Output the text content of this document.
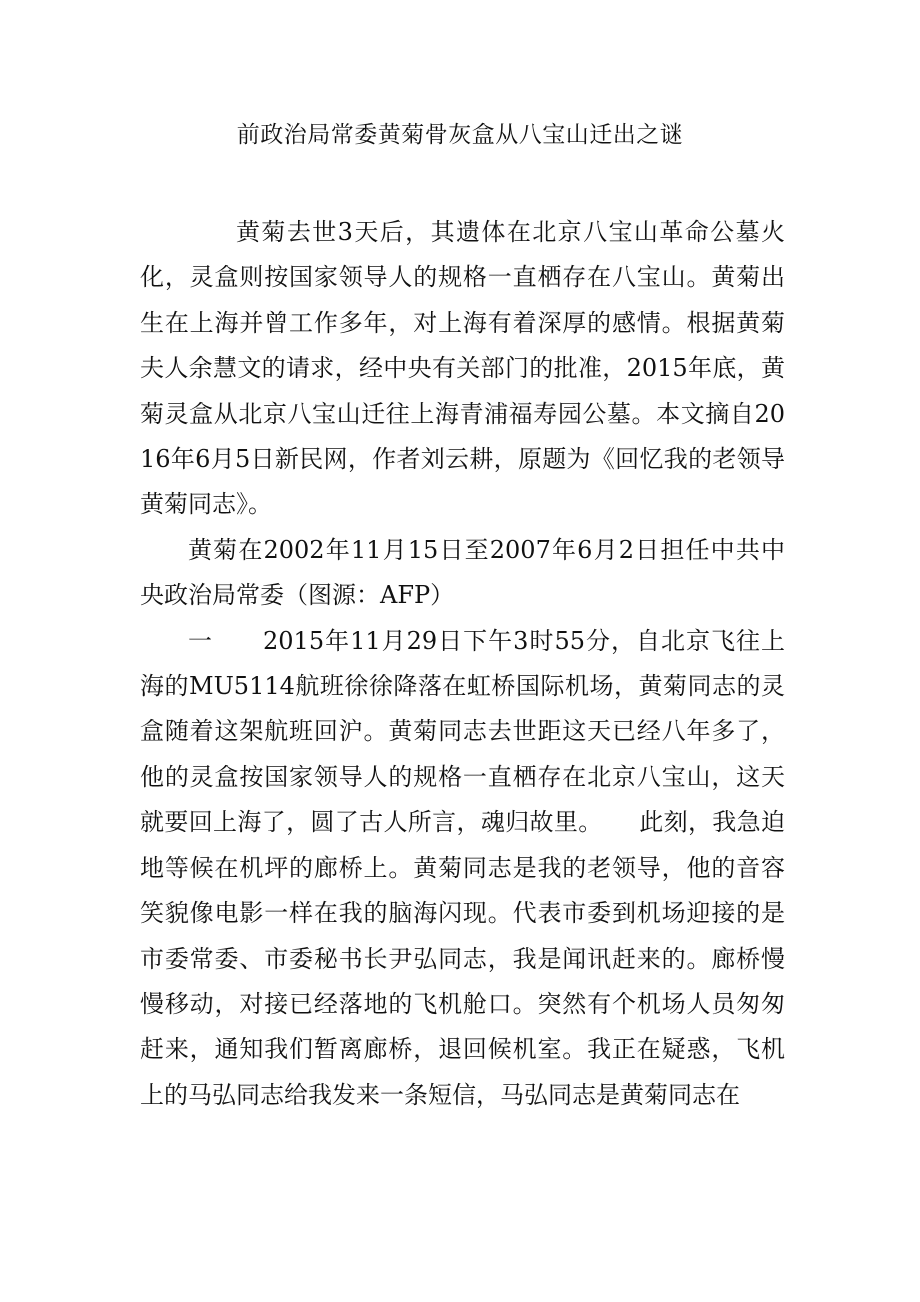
前政治局常委黄菊骨灰盒从八宝山迁出之谜

黄菊去世3天后，其遗体在北京八宝山革命公墓火化，灵盒则按国家领导人的规格一直栖存在八宝山。黄菊出生在上海并曾工作多年，对上海有着深厚的感情。根据黄菊夫人余慧文的请求，经中央有关部门的批准，2015年底，黄菊灵盒从北京八宝山迁往上海青浦福寿园公墓。本文摘自2016年6月5日新民网，作者刘云耕，原题为《回忆我的老领导黄菊同志》。

黄菊在2002年11月15日至2007年6月2日担任中共中央政治局常委（图源：AFP）

一　　2015年11月29日下午3时55分，自北京飞往上海的MU5114航班徐徐降落在虹桥国际机场，黄菊同志的灵盒随着这架航班回沪。黄菊同志去世距这天已经八年多了，他的灵盒按国家领导人的规格一直栖存在北京八宝山，这天就要回上海了，圆了古人所言，魂归故里。　　此刻，我急迫地等候在机坪的廊桥上。黄菊同志是我的老领导，他的音容笑貌像电影一样在我的脑海闪现。代表市委到机场迎接的是市委常委、市委秘书长尹弘同志，我是闻讯赶来的。廊桥慢慢移动，对接已经落地的飞机舱口。突然有个机场人员匆匆赶来，通知我们暂离廊桥，退回候机室。我正在疑惑，飞机上的马弘同志给我发来一条短信，马弘同志是黄菊同志在
